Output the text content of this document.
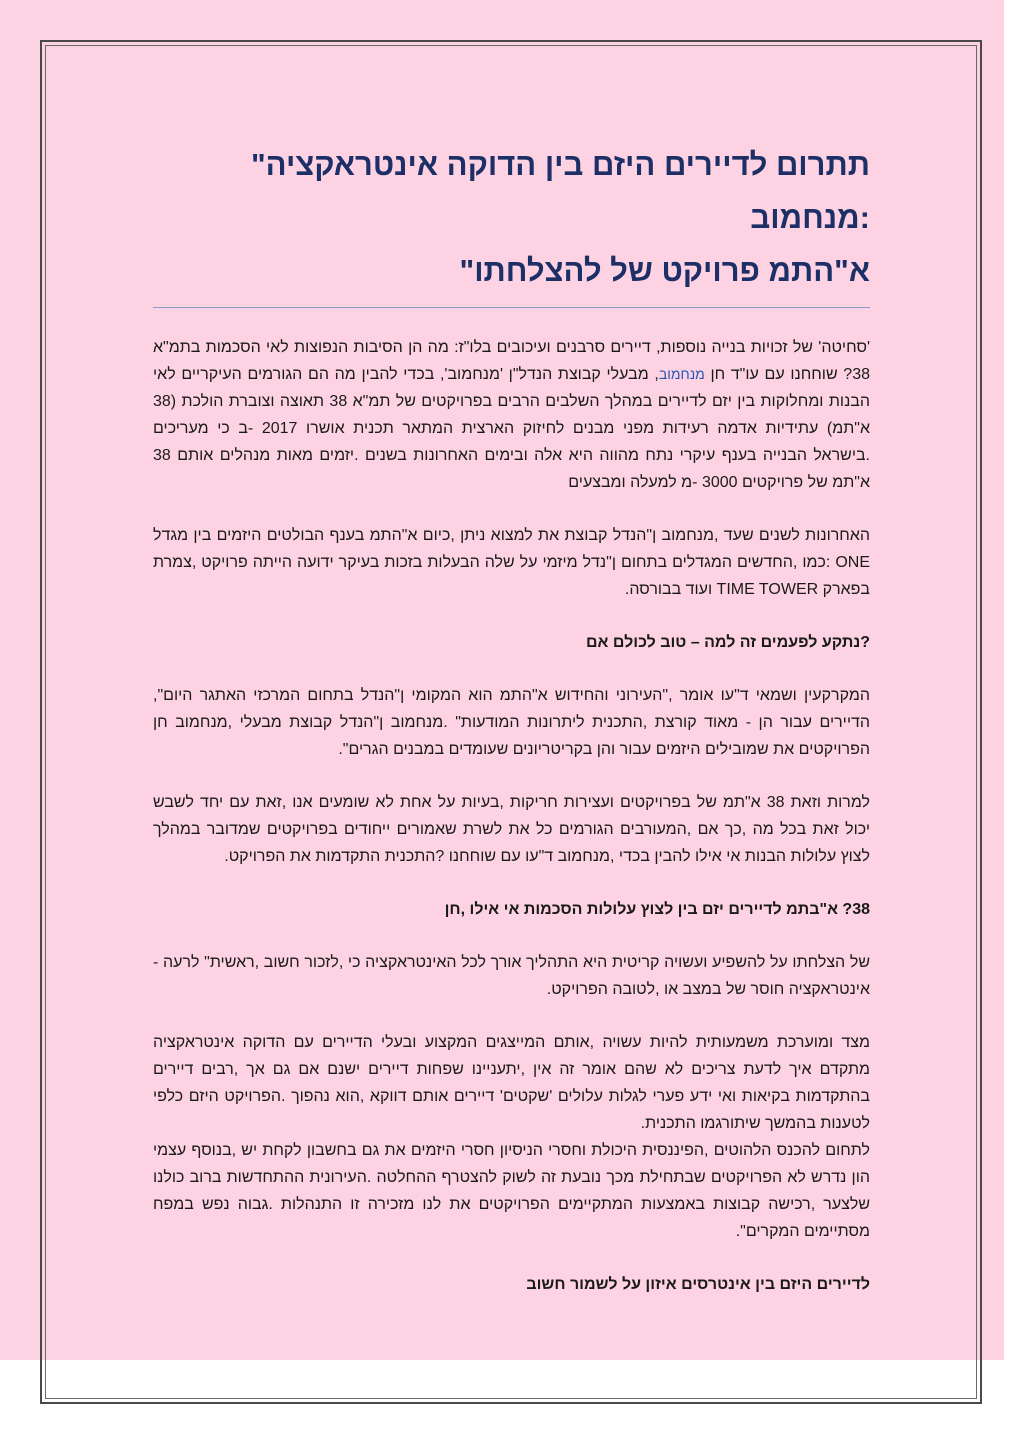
תתרום לדיירים היזם בין הדוקה אינטראקציה" :מנחמוב
א"התמ פרויקט של להצלחתו"

'סחיטה' של זכויות בנייה נוספות, דיירים סרבנים ועיכובים בלו"ז: מה הן הסיבות הנפוצות לאי הסכמות בתמ"א 38? שוחחנו עם עו"ד חן מנחמוב, מבעלי קבוצת הנדל"ן 'מנחמוב', בכדי להבין מה הם הגורמים העיקריים לאי הבנות ומחלוקות בין יזם לדיירים במהלך השלבים הרבים בפרויקטים של תמ"א 38 תאוצה וצוברת הולכת (38 א"תמ) עתידיות אדמה רעידות מפני מבנים לחיזוק הארצית המתאר תכנית אושרו 2017 -ב כי מעריכים .בישראל הבנייה בענף עיקרי נתח מהווה היא אלה ובימים האחרונות בשנים .יזמים מאות מנהלים אותם 38 א"תמ של פרויקטים 3000 -מ למעלה ומבצעים

האחרונות לשנים שעד ,מנחמוב ן"הנדל קבוצת את למצוא ניתן ,כיום א"התמ בענף הבולטים היזמים בין מגדל ONE :כמו ,החדשים המגדלים בתחום ן"נדל מיזמי על שלה הבעלות בזכות בעיקר ידועה הייתה פרויקט ,צמרת בפארק TIME TOWER ועוד בבורסה.

?נתקע לפעמים זה למה – טוב לכולם אם

המקרקעין ושמאי ד"עו אומר ,"העירוני והחידוש א"התמ הוא המקומי ן"הנדל בתחום המרכזי האתגר היום", הדיירים עבור הן - מאוד קורצת ,התכנית ליתרונות המודעות" .מנחמוב ן"הנדל קבוצת מבעלי ,מנחמוב חן הפרויקטים את שמובילים היזמים עבור והן בקריטריונים שעומדים במבנים הגרים".

למרות וזאת 38 א"תמ של בפרויקטים ועצירות חריקות ,בעיות על אחת לא שומעים אנו ,זאת עם יחד לשבש יכול זאת בכל מה ,כך אם ,המעורבים הגורמים כל את לשרת שאמורים ייחודים בפרויקטים שמדובר במהלך לצוץ עלולות הבנות אי אילו להבין בכדי ,מנחמוב ד"עו עם שוחחנו ?התכנית התקדמות את הפרויקט.

38? א"בתמ לדיירים יזם בין לצוץ עלולות הסכמות אי אילו ,חן

של הצלחתו על להשפיע ועשויה קריטית היא התהליך אורך לכל האינטראקציה כי ,לזכור חשוב ,ראשית" לרעה - אינטראקציה חוסר של במצב או ,לטובה הפרויקט.

מצד ומוערכת משמעותית להיות עשויה ,אותם המייצגים המקצוע ובעלי הדיירים עם הדוקה אינטראקציה מתקדם איך לדעת צריכים לא שהם אומר זה אין ,יתעניינו שפחות דיירים ישנם אם גם אך ,רבים דיירים בהתקדמות בקיאות ואי ידע פערי לגלות עלולים 'שקטים' דיירים אותם דווקא ,הוא נהפוך .הפרויקט היזם כלפי לטענות בהמשך שיתורגמו התכנית.

לתחום להכנס הלהוטים ,הפיננסית היכולת וחסרי הניסיון חסרי היזמים את גם בחשבון לקחת יש ,בנוסף עצמי הון נדרש לא הפרויקטים שבתחילת מכך נובעת זה לשוק להצטרף ההחלטה .העירונית ההתחדשות ברוב כולנו שלצער ,רכישה קבוצות באמצעות המתקיימים הפרויקטים את לנו מזכירה זו התנהלות .גבוה נפש במפח מסתיימים המקרים".

לדיירים היזם בין אינטרסים איזון על לשמור חשוב
